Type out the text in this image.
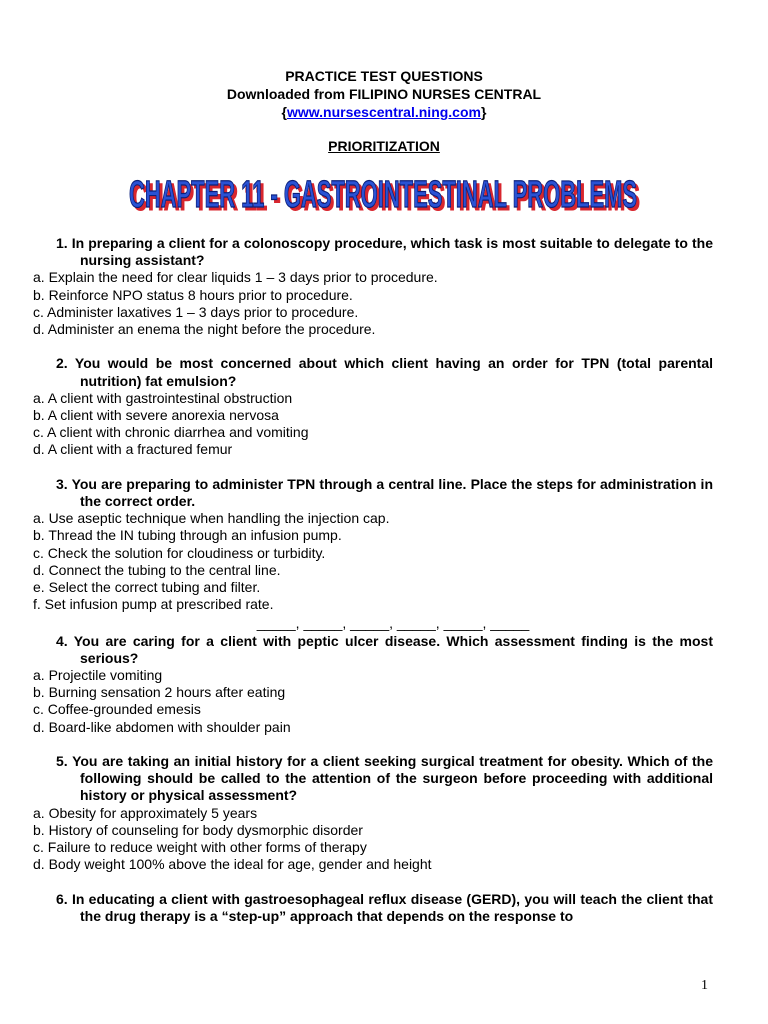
PRACTICE TEST QUESTIONS
Downloaded from FILIPINO NURSES CENTRAL
{www.nursescentral.ning.com}
PRIORITIZATION
CHAPTER 11 - GASTROINTESTINAL PROBLEMS
CHAPTER 11 - GASTROINTESTINAL PROBLEMS
1. In preparing a client for a colonoscopy procedure, which task is most suitable to delegate to the nursing assistant?
a. Explain the need for clear liquids 1 – 3 days prior to procedure.
b. Reinforce NPO status 8 hours prior to procedure.
c. Administer laxatives 1 – 3 days prior to procedure.
d. Administer an enema the night before the procedure.
2. You would be most concerned about which client having an order for TPN (total parental nutrition) fat emulsion?
a. A client with gastrointestinal obstruction
b. A client with severe anorexia nervosa
c. A client with chronic diarrhea and vomiting
d. A client with a fractured femur
3. You are preparing to administer TPN through a central line. Place the steps for administration in the correct order.
a. Use aseptic technique when handling the injection cap.
b. Thread the IN tubing through an infusion pump.
c. Check the solution for cloudiness or turbidity.
d. Connect the tubing to the central line.
e. Select the correct tubing and filter.
f. Set infusion pump at prescribed rate.
_____, _____, _____, _____, _____, _____
4. You are caring for a client with peptic ulcer disease. Which assessment finding is the most serious?
a. Projectile vomiting
b. Burning sensation 2 hours after eating
c. Coffee-grounded emesis
d. Board-like abdomen with shoulder pain
5. You are taking an initial history for a client seeking surgical treatment for obesity. Which of the following should be called to the attention of the surgeon before proceeding with additional history or physical assessment?
a. Obesity for approximately 5 years
b. History of counseling for body dysmorphic disorder
c. Failure to reduce weight with other forms of therapy
d. Body weight 100% above the ideal for age, gender and height
6. In educating a client with gastroesophageal reflux disease (GERD), you will teach the client that the drug therapy is a “step-up” approach that depends on the response to
1
